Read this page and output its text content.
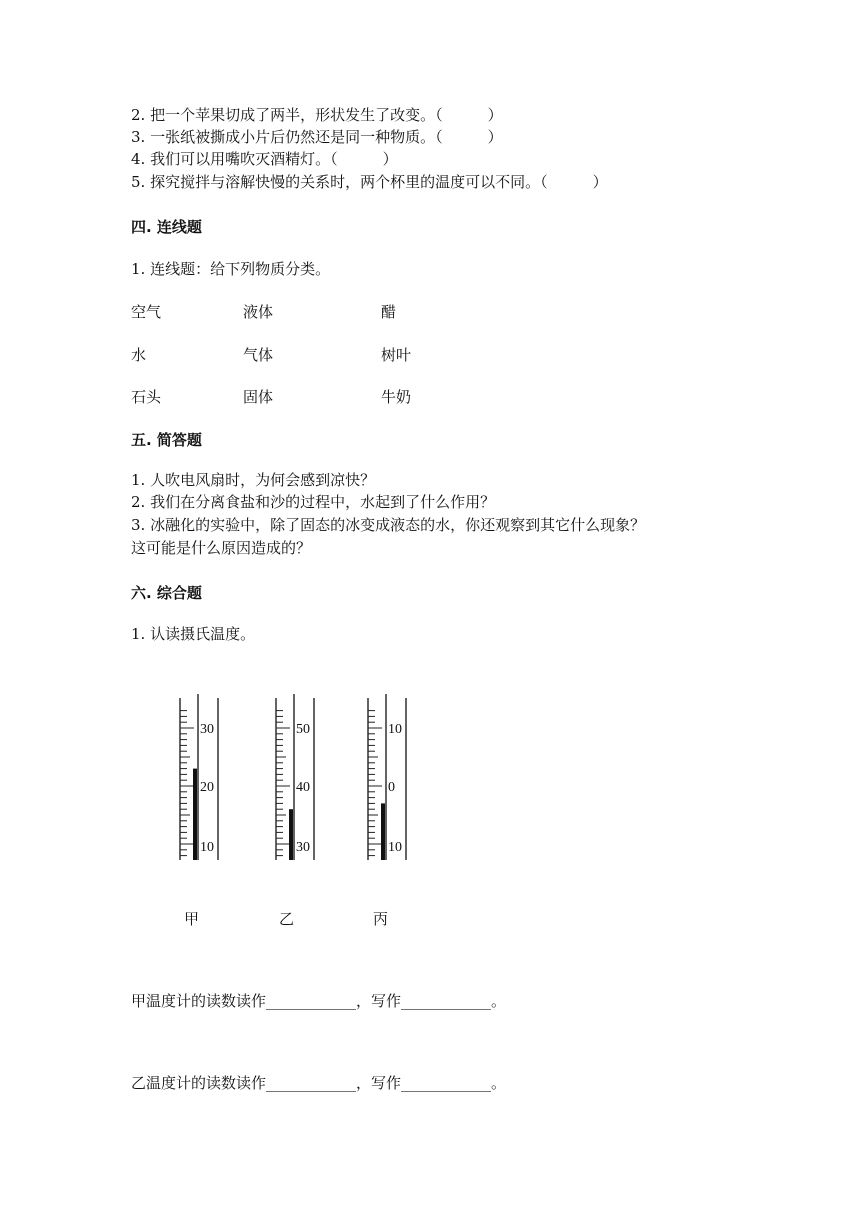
2. 把一个苹果切成了两半，形状发生了改变。（　　　）
3. 一张纸被撕成小片后仍然还是同一种物质。（　　　）
4. 我们可以用嘴吹灭酒精灯。（　　　）
5. 探究搅拌与溶解快慢的关系时，两个杯里的温度可以不同。（　　　）
四. 连线题
1. 连线题：给下列物质分类。
空气	液体	醋
水	气体	树叶
石头	固体	牛奶
五. 简答题
1. 人吹电风扇时，为何会感到凉快？
2. 我们在分离食盐和沙的过程中，水起到了什么作用？
3. 冰融化的实验中，除了固态的冰变成液态的水，你还观察到其它什么现象？
这可能是什么原因造成的？
六. 综合题
1. 认读摄氏温度。
30
20
10
50
40
30
10
0
10
甲	乙	丙
甲温度计的读数读作____________，写作____________。
乙温度计的读数读作____________，写作____________。
